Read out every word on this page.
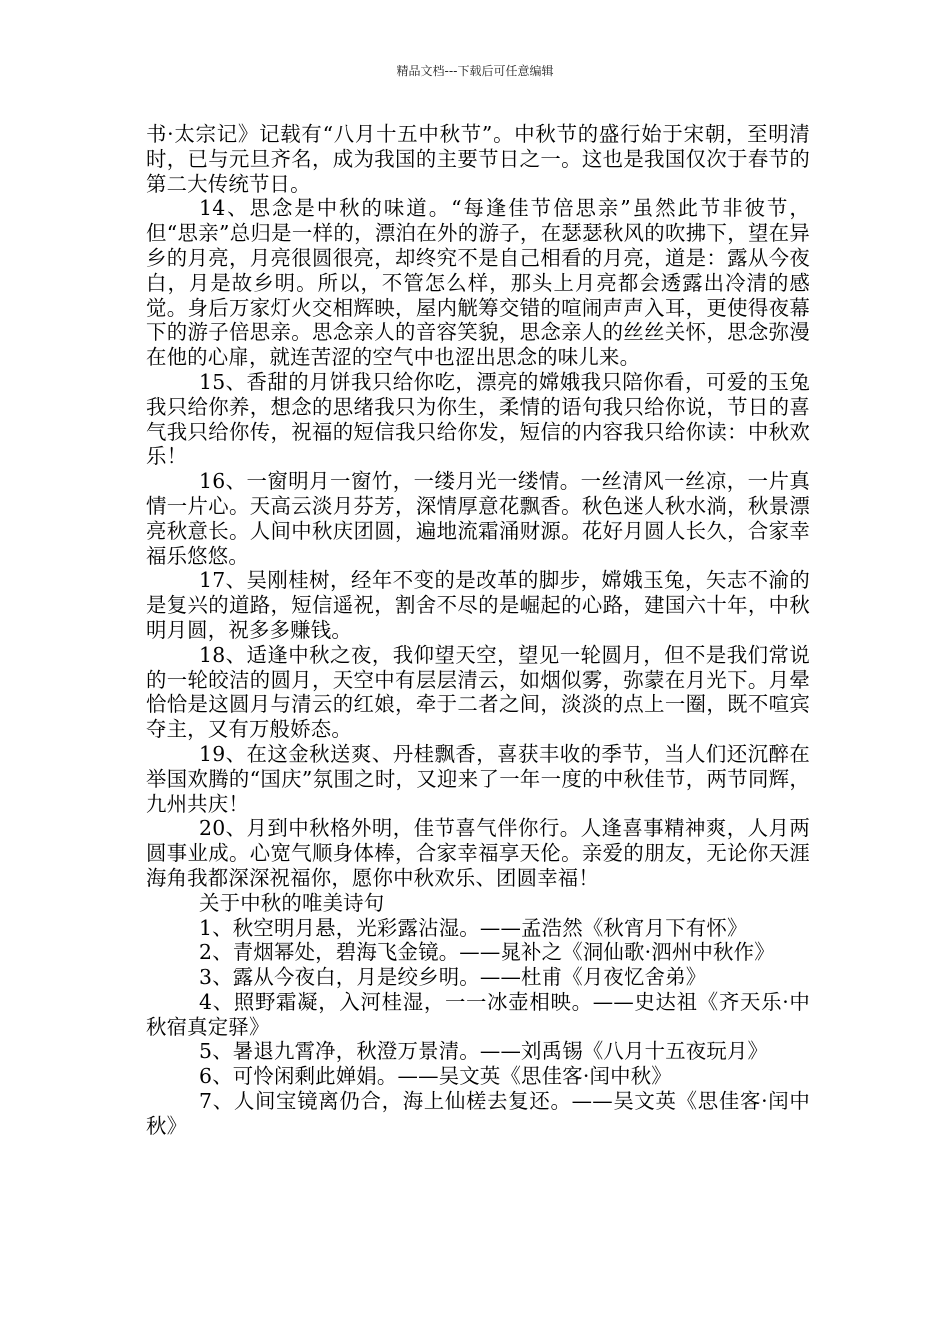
精品文档---下载后可任意编辑

书·太宗记》记载有“八月十五中秋节”。中秋节的盛行始于宋朝，至明清时，已与元旦齐名，成为我国的主要节日之一。这也是我国仅次于春节的第二大传统节日。

14、思念是中秋的味道。“每逢佳节倍思亲”虽然此节非彼节，但“思亲”总归是一样的，漂泊在外的游子，在瑟瑟秋风的吹拂下，望在异乡的月亮，月亮很圆很亮，却终究不是自己相看的月亮，道是：露从今夜白，月是故乡明。所以，不管怎么样，那头上月亮都会透露出冷清的感觉。身后万家灯火交相辉映，屋内觥筹交错的喧闹声声入耳，更使得夜幕下的游子倍思亲。思念亲人的音容笑貌，思念亲人的丝丝关怀，思念弥漫在他的心扉，就连苦涩的空气中也涩出思念的味儿来。

15、香甜的月饼我只给你吃，漂亮的嫦娥我只陪你看，可爱的玉兔我只给你养，想念的思绪我只为你生，柔情的语句我只给你说，节日的喜气我只给你传，祝福的短信我只给你发，短信的内容我只给你读：中秋欢乐！

16、一窗明月一窗竹，一缕月光一缕情。一丝清风一丝凉，一片真情一片心。天高云淡月芬芳，深情厚意花飘香。秋色迷人秋水淌，秋景漂亮秋意长。人间中秋庆团圆，遍地流霜涌财源。花好月圆人长久，合家幸福乐悠悠。

17、吴刚桂树，经年不变的是改革的脚步，嫦娥玉兔，矢志不渝的是复兴的道路，短信遥祝，割舍不尽的是崛起的心路，建国六十年，中秋明月圆，祝多多赚钱。

18、适逢中秋之夜，我仰望天空，望见一轮圆月，但不是我们常说的一轮皎洁的圆月，天空中有层层清云，如烟似雾，弥蒙在月光下。月晕恰恰是这圆月与清云的红娘，牵于二者之间，淡淡的点上一圈，既不喧宾夺主，又有万般娇态。

19、在这金秋送爽、丹桂飘香，喜获丰收的季节，当人们还沉醉在举国欢腾的“国庆”氛围之时，又迎来了一年一度的中秋佳节，两节同辉，九州共庆！

20、月到中秋格外明，佳节喜气伴你行。人逢喜事精神爽，人月两圆事业成。心宽气顺身体棒，合家幸福享天伦。亲爱的朋友，无论你天涯海角我都深深祝福你，愿你中秋欢乐、团圆幸福！

关于中秋的唯美诗句

1、秋空明月悬，光彩露沾湿。——孟浩然《秋宵月下有怀》

2、青烟幂处，碧海飞金镜。——晁补之《洞仙歌·泗州中秋作》

3、露从今夜白，月是绞乡明。——杜甫《月夜忆舍弟》

4、照野霜凝，入河桂湿，一一冰壶相映。——史达祖《齐天乐·中秋宿真定驿》

5、暑退九霄净，秋澄万景清。——刘禹锡《八月十五夜玩月》

6、可怜闲剩此婵娟。——吴文英《思佳客·闰中秋》

7、人间宝镜离仍合，海上仙槎去复还。——吴文英《思佳客·闰中秋》
